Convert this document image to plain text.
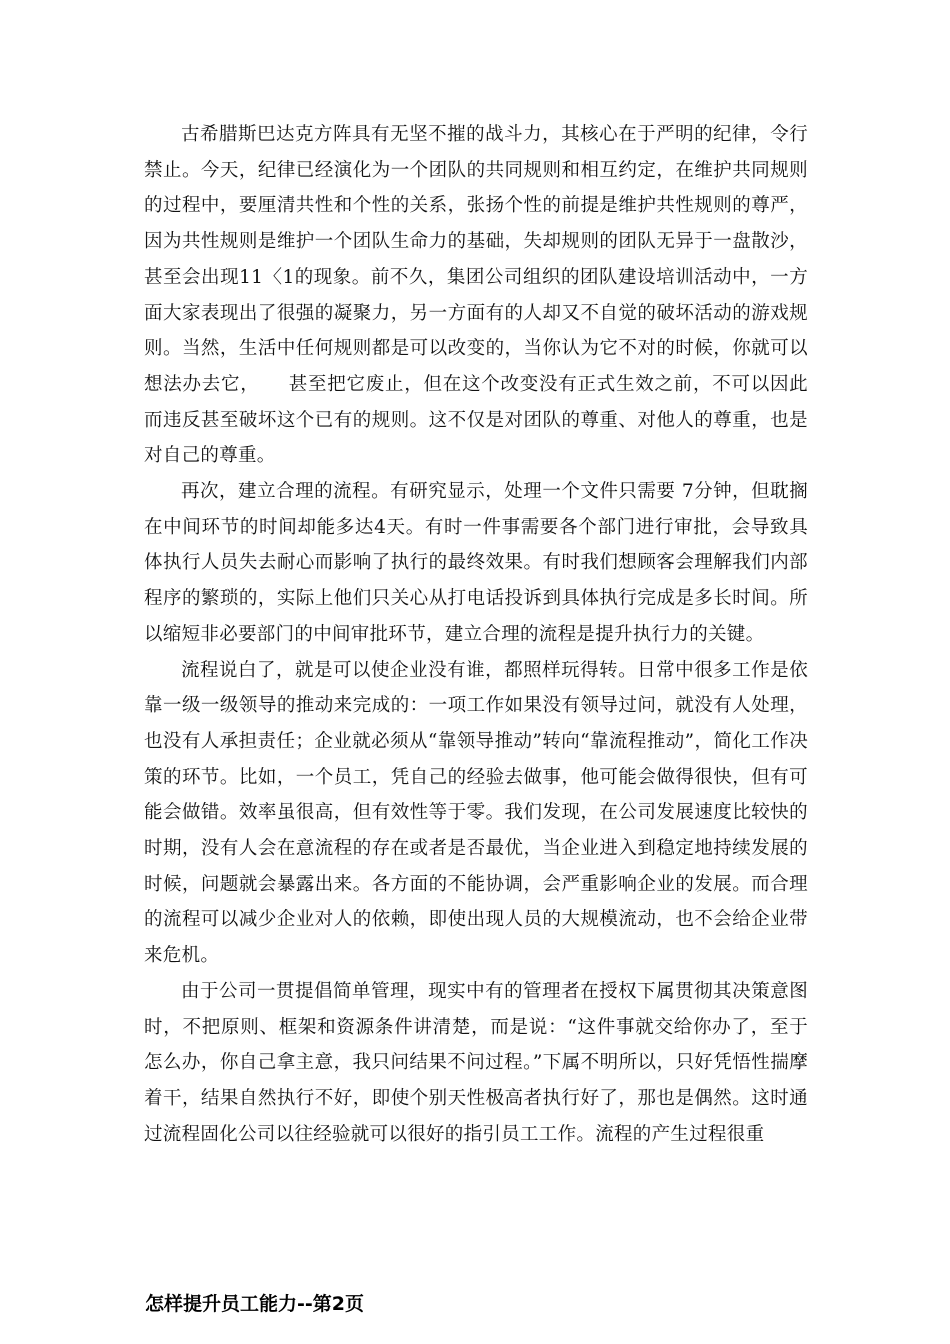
古希腊斯巴达克方阵具有无坚不摧的战斗力，其核心在于严明的纪律，令行禁止。今天，纪律已经演化为一个团队的共同规则和相互约定，在维护共同规则的过程中，要厘清共性和个性的关系，张扬个性的前提是维护共性规则的尊严，因为共性规则是维护一个团队生命力的基础，失却规则的团队无异于一盘散沙，甚至会出现11〈1的现象。前不久，集团公司组织的团队建设培训活动中，一方面大家表现出了很强的凝聚力，另一方面有的人却又不自觉的破坏活动的游戏规则。当然，生活中任何规则都是可以改变的，当你认为它不对的时候，你就可以想法办去它，　　甚至把它废止，但在这个改变没有正式生效之前，不可以因此而违反甚至破坏这个已有的规则。这不仅是对团队的尊重、对他人的尊重，也是对自己的尊重。

再次，建立合理的流程。有研究显示，处理一个文件只需要 7分钟，但耽搁在中间环节的时间却能多达4天。有时一件事需要各个部门进行审批，会导致具体执行人员失去耐心而影响了执行的最终效果。有时我们想顾客会理解我们内部程序的繁琐的，实际上他们只关心从打电话投诉到具体执行完成是多长时间。所以缩短非必要部门的中间审批环节，建立合理的流程是提升执行力的关键。

流程说白了，就是可以使企业没有谁，都照样玩得转。日常中很多工作是依靠一级一级领导的推动来完成的：一项工作如果没有领导过问，就没有人处理，也没有人承担责任；企业就必须从“靠领导推动”转向“靠流程推动”，简化工作决策的环节。比如，一个员工，凭自己的经验去做事，他可能会做得很快，但有可能会做错。效率虽很高，但有效性等于零。我们发现，在公司发展速度比较快的时期，没有人会在意流程的存在或者是否最优，当企业进入到稳定地持续发展的时候，问题就会暴露出来。各方面的不能协调，会严重影响企业的发展。而合理的流程可以减少企业对人的依赖，即使出现人员的大规模流动，也不会给企业带来危机。

由于公司一贯提倡简单管理，现实中有的管理者在授权下属贯彻其决策意图时，不把原则、框架和资源条件讲清楚，而是说：“这件事就交给你办了，至于怎么办，你自己拿主意，我只问结果不问过程。”下属不明所以，只好凭悟性揣摩着干，结果自然执行不好，即使个别天性极高者执行好了，那也是偶然。这时通过流程固化公司以往经验就可以很好的指引员工工作。流程的产生过程很重

怎样提升员工能力--第2页
